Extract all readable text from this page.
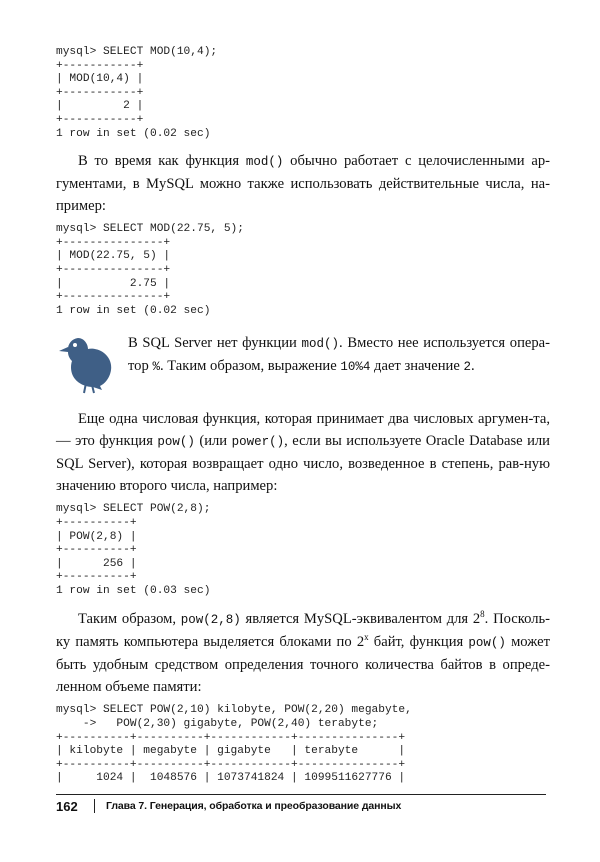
mysql> SELECT MOD(10,4);
+-----------+
| MOD(10,4) |
+-----------+
|         2 |
+-----------+
1 row in set (0.02 sec)

В то время как функция mod() обычно работает с целочисленными ар-гументами, в MySQL можно также использовать действительные числа, на-пример:

mysql> SELECT MOD(22.75, 5);
+---------------+
| MOD(22.75, 5) |
+---------------+
|          2.75 |
+---------------+
1 row in set (0.02 sec)

В SQL Server нет функции mod(). Вместо нее используется опера-тор %. Таким образом, выражение 10%4 дает значение 2.

Еще одна числовая функция, которая принимает два числовых аргумен-та, — это функция pow() (или power(), если вы используете Oracle Database или SQL Server), которая возвращает одно число, возведенное в степень, рав-ную значению второго числа, например:

mysql> SELECT POW(2,8);
+----------+
| POW(2,8) |
+----------+
|      256 |
+----------+
1 row in set (0.03 sec)

Таким образом, pow(2,8) является MySQL-эквивалентом для $2^8$. Посколь-ку память компьютера выделяется блоками по 2$^x$ байт, функция pow() может быть удобным средством определения точного количества байтов в опреде-ленном объеме памяти:

mysql> SELECT POW(2,10) kilobyte, POW(2,20) megabyte,
->   POW(2,30) gigabyte, POW(2,40) terabyte;
+----------+----------+------------+---------------+
| kilobyte | megabyte | gigabyte   | terabyte      |
+----------+----------+------------+---------------+
|     1024 |  1048576 | 1073741824 | 1099511627776 |
162	Глава 7. Генерация, обработка и преобразование данных
